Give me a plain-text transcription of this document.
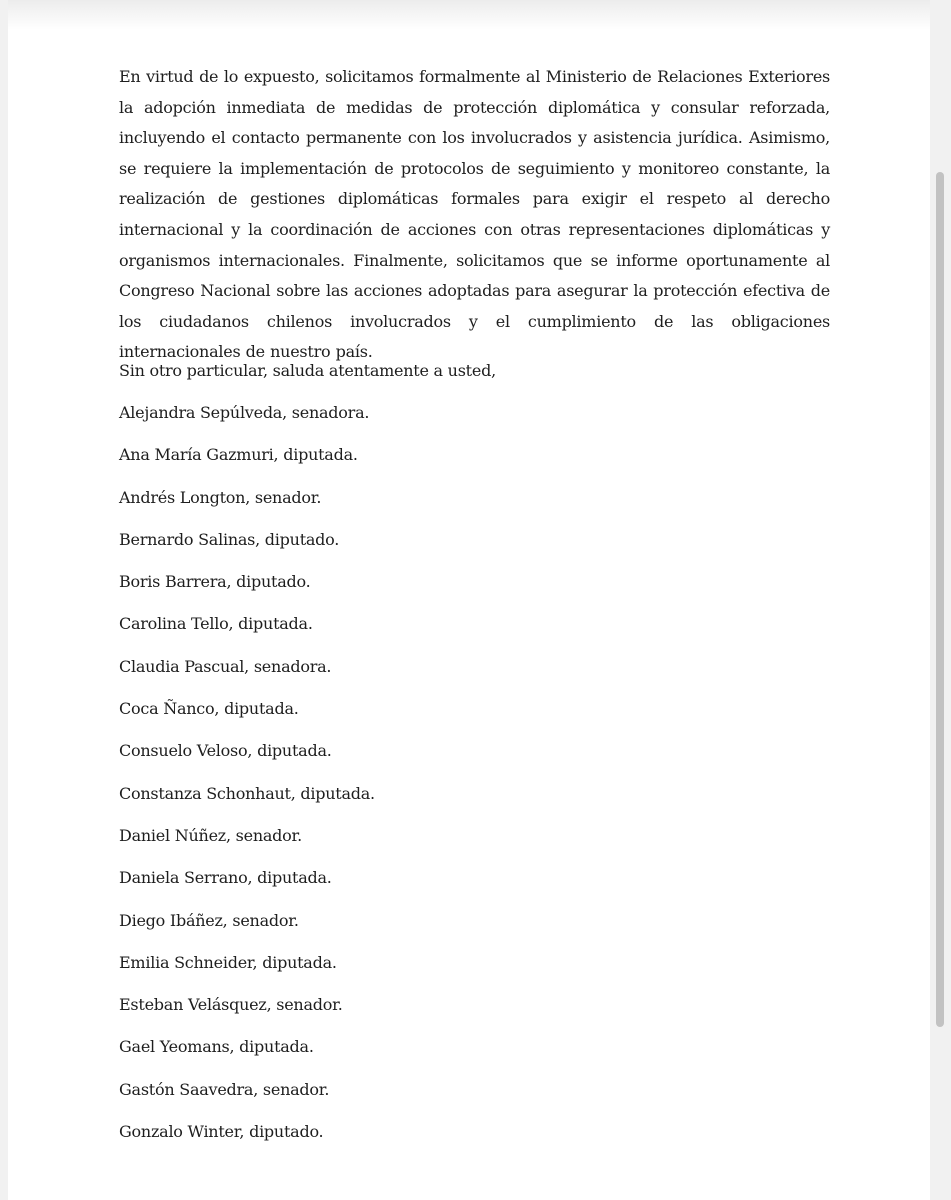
En virtud de lo expuesto, solicitamos formalmente al Ministerio de Relaciones Exteriores la adopción inmediata de medidas de protección diplomática y consular reforzada, incluyendo el contacto permanente con los involucrados y asistencia jurídica. Asimismo, se requiere la implementación de protocolos de seguimiento y monitoreo constante, la realización de gestiones diplomáticas formales para exigir el respeto al derecho internacional y la coordinación de acciones con otras representaciones diplomáticas y organismos internacionales. Finalmente, solicitamos que se informe oportunamente al Congreso Nacional sobre las acciones adoptadas para asegurar la protección efectiva de los ciudadanos chilenos involucrados y el cumplimiento de las obligaciones internacionales de nuestro país.

Sin otro particular, saluda atentamente a usted,

Alejandra Sepúlveda, senadora.
Ana María Gazmuri, diputada.
Andrés Longton, senador.
Bernardo Salinas, diputado.
Boris Barrera, diputado.
Carolina Tello, diputada.
Claudia Pascual, senadora.
Coca Ñanco, diputada.
Consuelo Veloso, diputada.
Constanza Schonhaut, diputada.
Daniel Núñez, senador.
Daniela Serrano, diputada.
Diego Ibáñez, senador.
Emilia Schneider, diputada.
Esteban Velásquez, senador.
Gael Yeomans, diputada.
Gastón Saavedra, senador.
Gonzalo Winter, diputado.
